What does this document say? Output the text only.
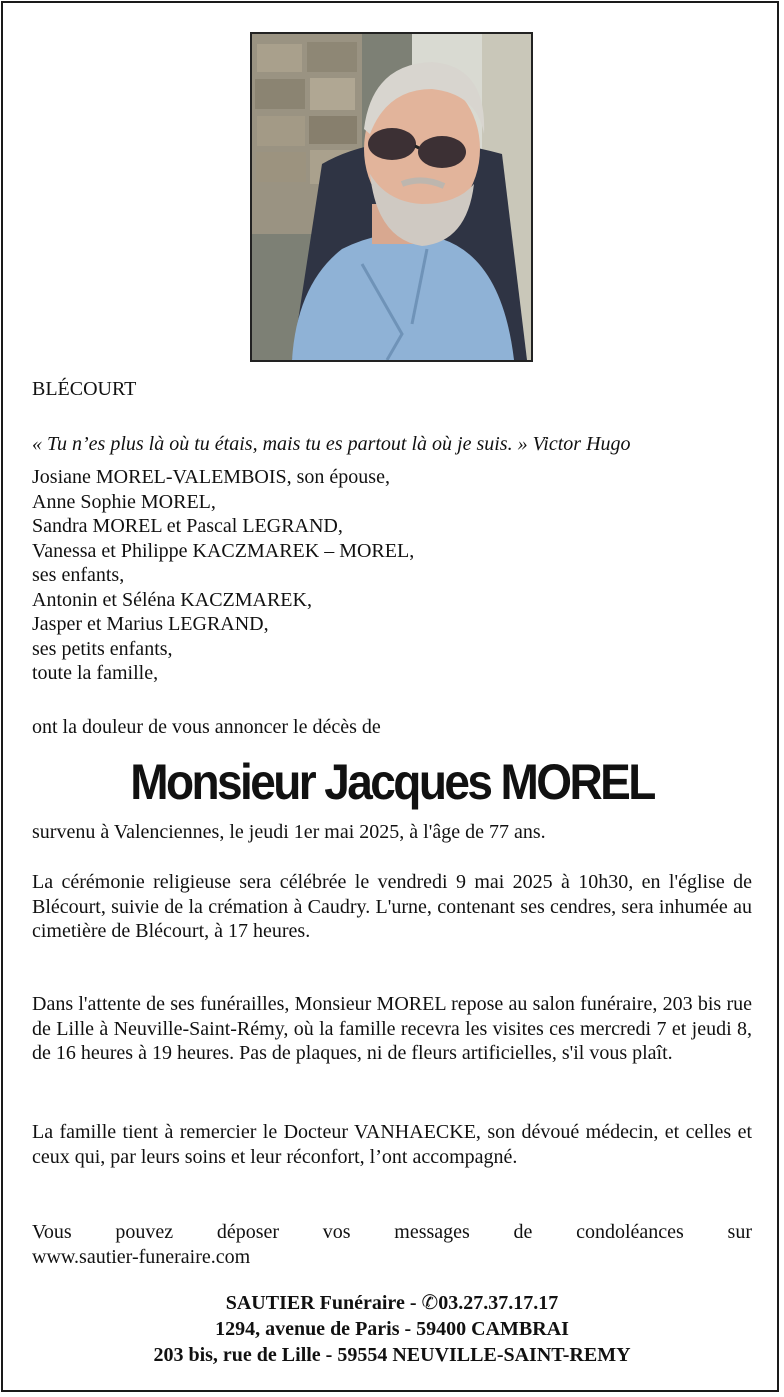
BLÉCOURT
« Tu n’es plus là où tu étais, mais tu es partout là où je suis. » Victor Hugo
Josiane MOREL-VALEMBOIS, son épouse,
Anne Sophie MOREL,
Sandra MOREL et Pascal LEGRAND,
Vanessa et Philippe KACZMAREK – MOREL,
ses enfants,
Antonin et Séléna KACZMAREK,
Jasper et Marius LEGRAND,
ses petits enfants,
toute la famille,
ont la douleur de vous annoncer le décès de
Monsieur Jacques MOREL
survenu à Valenciennes, le jeudi 1er mai 2025, à l'âge de 77 ans.
La cérémonie religieuse sera célébrée le vendredi 9 mai 2025 à 10h30, en l'église de Blécourt, suivie de la crémation à Caudry. L'urne, contenant ses cendres, sera inhumée au cimetière de Blécourt, à 17 heures.
Dans l'attente de ses funérailles, Monsieur MOREL repose au salon funéraire, 203 bis rue de Lille à Neuville-Saint-Rémy, où la famille recevra les visites ces mercredi 7 et jeudi 8, de 16 heures à 19 heures. Pas de plaques, ni de fleurs artificielles, s'il vous plaît.
La famille tient à remercier le Docteur VANHAECKE, son dévoué médecin, et celles et ceux qui, par leurs soins et leur réconfort, l’ont accompagné.
Vous pouvez déposer vos messages de condoléances sur
www.sautier-funeraire.com
SAUTIER Funéraire - ✆03.27.37.17.17
1294, avenue de Paris - 59400 CAMBRAI
203 bis, rue de Lille - 59554 NEUVILLE-SAINT-REMY
